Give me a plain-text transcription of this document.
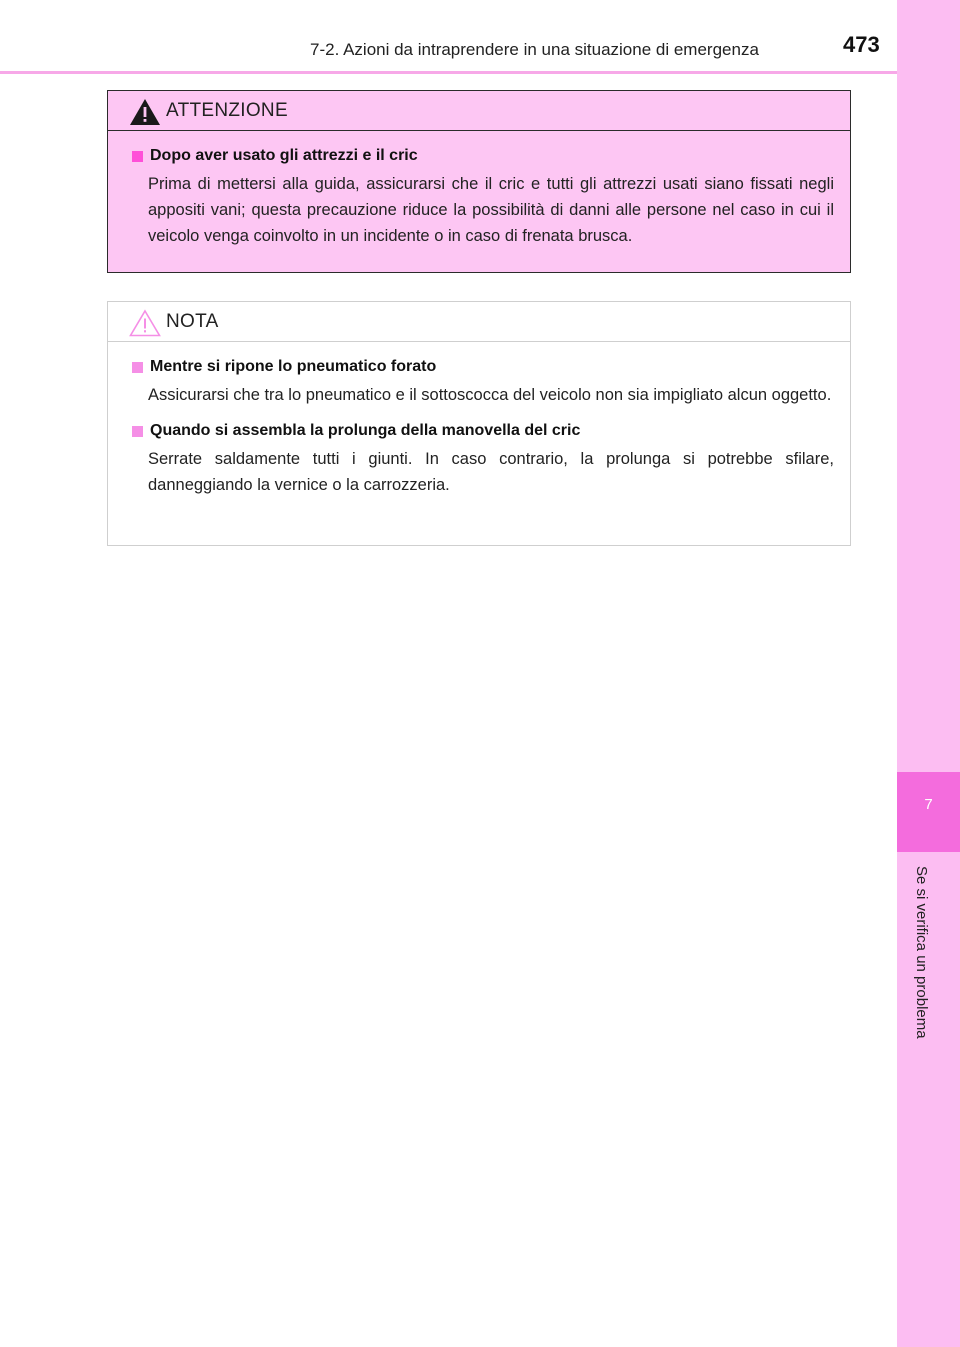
7-2. Azioni da intraprendere in una situazione di emergenza	473
7
Se si verifica un problema
ATTENZIONE
Dopo aver usato gli attrezzi e il cric
Prima di mettersi alla guida, assicurarsi che il cric e tutti gli attrezzi usati siano fissati negli appositi vani; questa precauzione riduce la possibilità di danni alle persone nel caso in cui il veicolo venga coinvolto in un incidente o in caso di frenata brusca.
NOTA
Mentre si ripone lo pneumatico forato
Assicurarsi che tra lo pneumatico e il sottoscocca del veicolo non sia impigliato alcun oggetto.
Quando si assembla la prolunga della manovella del cric
Serrate saldamente tutti i giunti. In caso contrario, la prolunga si potrebbe sfilare, danneggiando la vernice o la carrozzeria.
